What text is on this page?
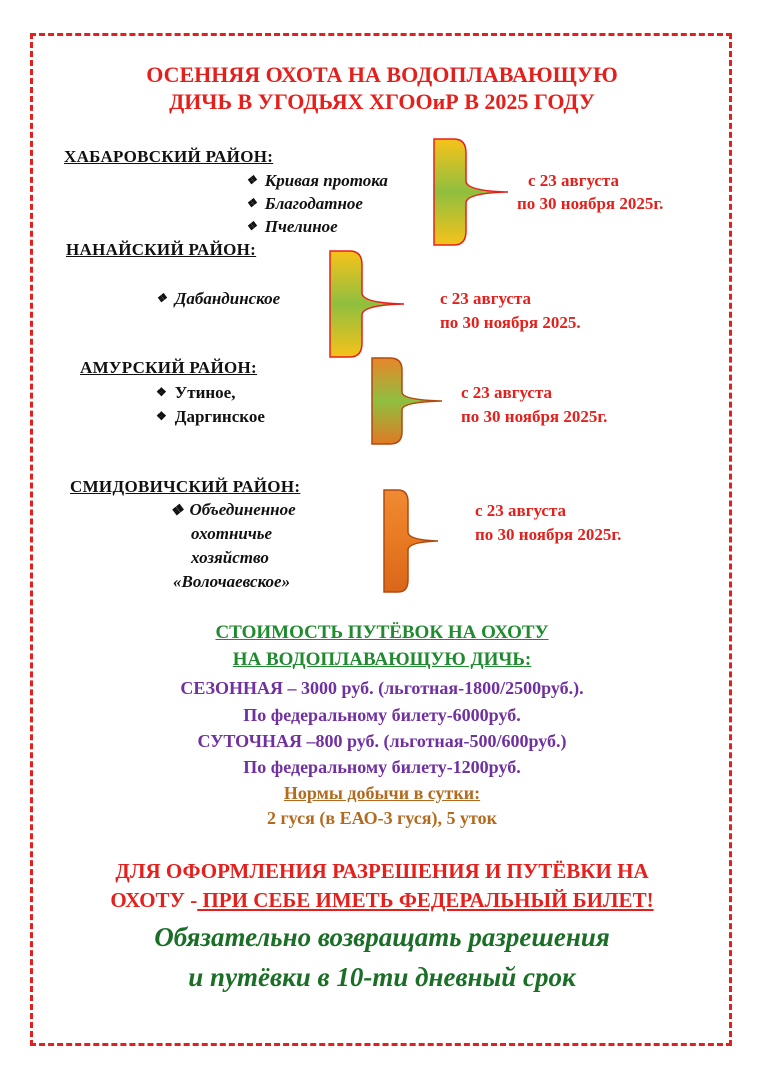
ОСЕННЯЯ ОХОТА НА ВОДОПЛАВАЮЩУЮ
ДИЧЬ В УГОДЬЯХ ХГООиР В 2025 ГОДУ
ХАБАРОВСКИЙ РАЙОН:
❖ Кривая протока
❖ Благодатное
❖ Пчелиное
с 23 августа
по 30 ноября 2025г.
НАНАЙСКИЙ РАЙОН:
❖ Дабандинское	с 23 августа
по 30 ноября 2025.
АМУРСКИЙ РАЙОН:
❖ Утиное,
❖ Даргинское
с 23 августа
по 30 ноября 2025г.
СМИДОВИЧСКИЙ РАЙОН:
❖ Объединенное
охотничье
хозяйство
«Волочаевское»
с 23 августа
по 30 ноября 2025г.
СТОИМОСТЬ ПУТЁВОК НА ОХОТУ
НА ВОДОПЛАВАЮЩУЮ ДИЧЬ:
СЕЗОННАЯ – 3000 руб. (льготная-1800/2500руб.).
По федеральному билету-6000руб.
СУТОЧНАЯ –800 руб. (льготная-500/600руб.)
По федеральному билету-1200руб.
Нормы добычи в сутки:
2 гуся (в ЕАО-3 гуся), 5 уток
ДЛЯ ОФОРМЛЕНИЯ РАЗРЕШЕНИЯ И ПУТЁВКИ НА
ОХОТУ - ПРИ СЕБЕ ИМЕТЬ ФЕДЕРАЛЬНЫЙ БИЛЕТ!
Обязательно возвращать разрешения
и путёвки в 10-ти дневный срок
